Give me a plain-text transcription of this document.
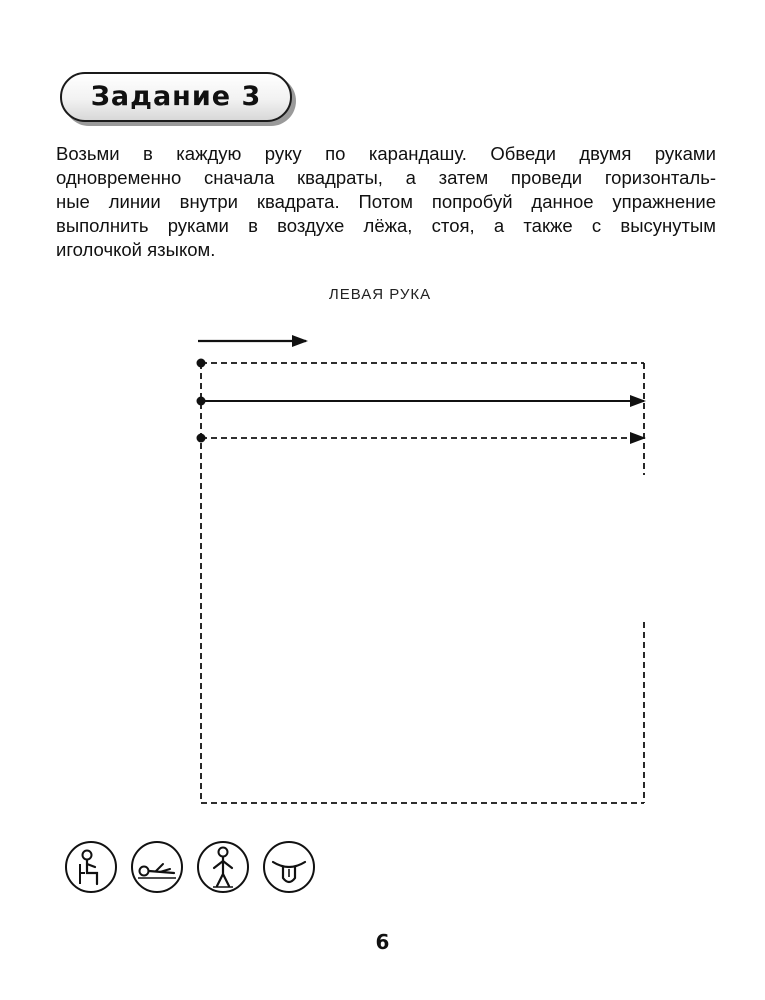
Задание 3
Возьми в каждую руку по карандашу. Обведи двумя руками
одновременно сначала квадраты, а затем проведи горизонталь-
ные линии внутри квадрата. Потом попробуй данное упражнение
выполнить руками в воздухе лёжа, стоя, а также с высунутым
иголочкой языком.
ЛЕВАЯ РУКА
6
